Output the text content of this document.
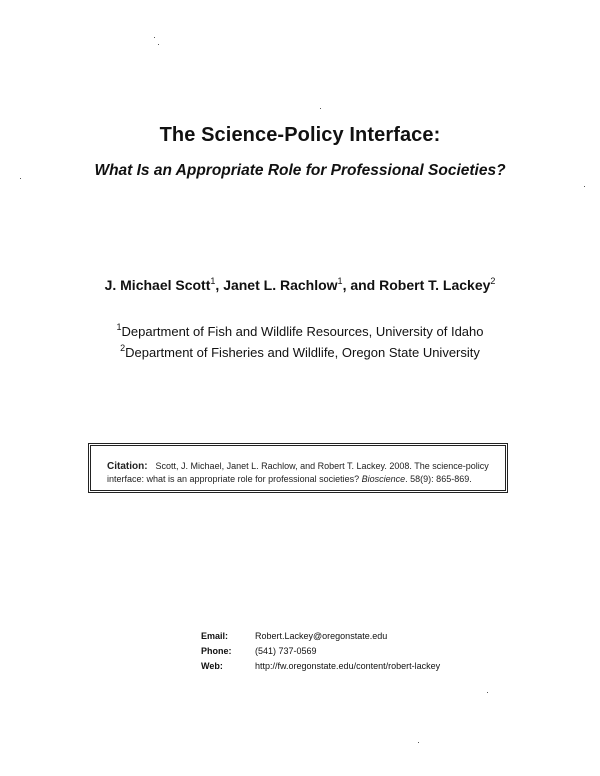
The Science-Policy Interface:
What Is an Appropriate Role for Professional Societies?
J. Michael Scott$^1$, Janet L. Rachlow$^1$, and Robert T. Lackey$^2$
$^1$Department of Fish and Wildlife Resources, University of Idaho
$^2$Department of Fisheries and Wildlife, Oregon State University
Citation: Scott, J. Michael, Janet L. Rachlow, and Robert T. Lackey. 2008. The science-policy interface: what is an appropriate role for professional societies? Bioscience. 58(9): 865-869.
Email:	Robert.Lackey@oregonstate.edu
Phone:	(541) 737-0569
Web:	http://fw.oregonstate.edu/content/robert-lackey
